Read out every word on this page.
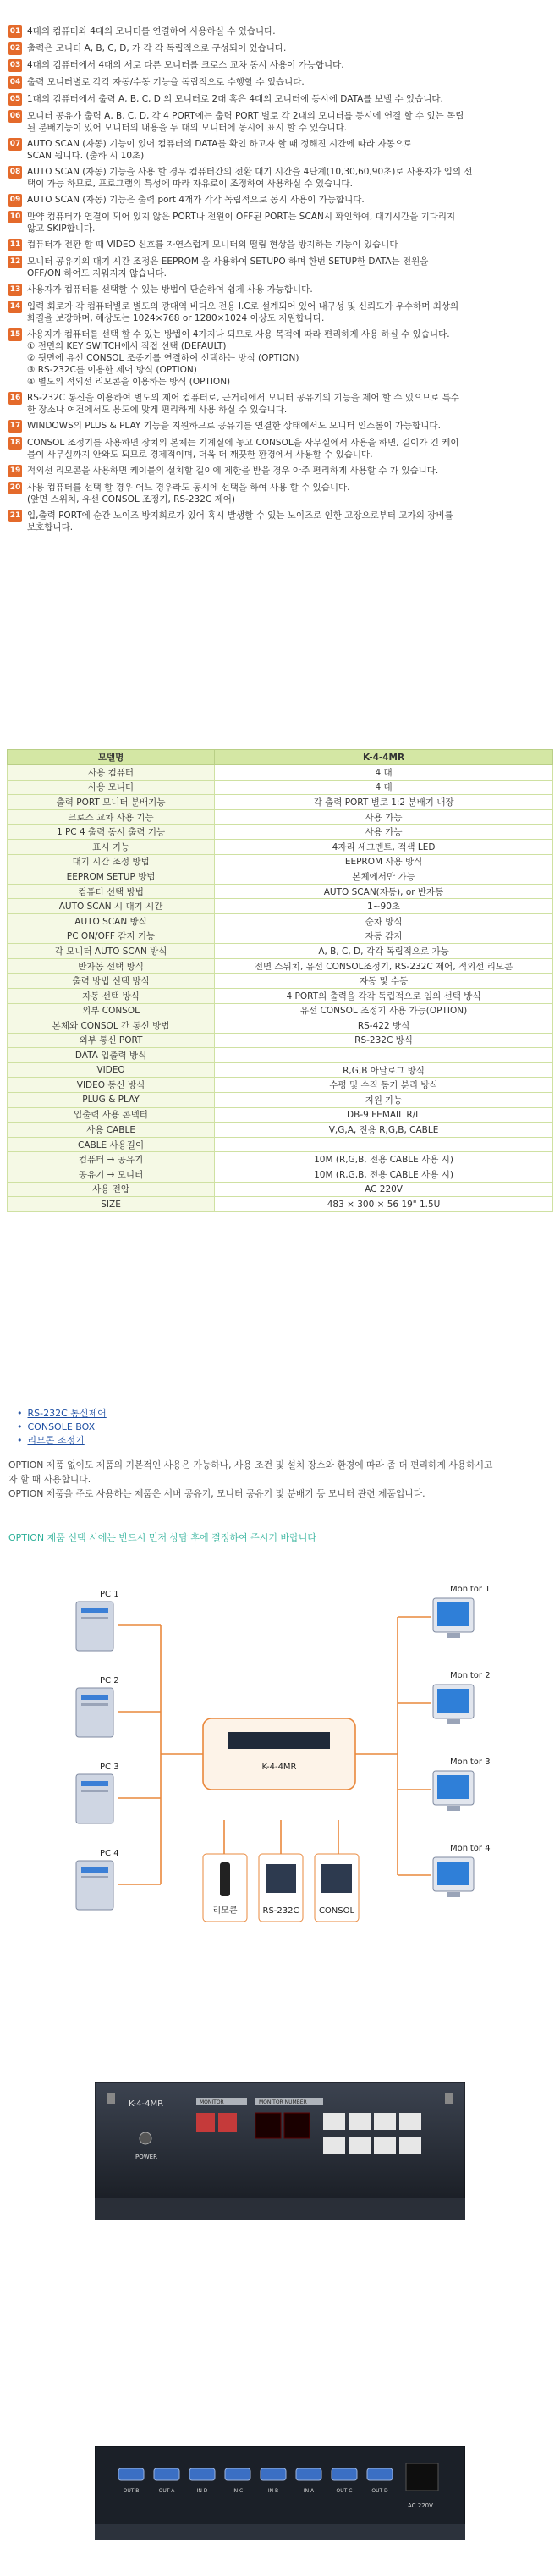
01 4대의 컴퓨터와 4대의 모니터를 연결하여 사용하실 수 있습니다.
02 출력은 모니터 A, B, C, D, 가 각 각 독립적으로 구성되어 있습니다.
03 4대의 컴퓨터에서 4대의 서로 다른 모니터를 크로스 교차 동시 사용이 가능합니다.
04 출력 모니터별로 각각 자동/수동 기능을 독립적으로 수행할 수 있습니다.
05 1대의 컴퓨터에서 출력 A, B, C, D 의 모니터로 2대 혹은 4대의 모니터에 동시에 DATA를 보낼 수 있습니다.
06 모니터 공유가 출력 A, B, C, D, 각 4 PORT에는 출력 PORT 별로 각 2대의 모니터를 동시에 연결 할 수 있는 독립
된 분배기능이 있어 모니터의 내용을 두 대의 모니터에 동시에 표시 할 수 있습니다.
07 AUTO SCAN (자동) 기능이 있어 컴퓨터의 DATA를 확인 하고자 할 때 정해진 시간에 따라 자동으로
SCAN 됩니다. (출하 시 10초)
08 AUTO SCAN (자동) 기능을 사용 할 경우 컴퓨터간의 전환 대기 시간을 4단계(10,30,60,90초)로 사용자가 임의 선
택이 가능 하므로, 프로그램의 특성에 따라 자유로이 조정하여 사용하실 수 있습니다.
09 AUTO SCAN (자동) 기능은 출력 port 4개가 각각 독립적으로 동시 사용이 가능합니다.
10 만약 컴퓨터가 연결이 되어 있지 않은 PORT나 전원이 OFF된 PORT는 SCAN시 확인하여, 대기시간을 기다리지
않고 SKIP합니다.
11 컴퓨터가 전환 할 때 VIDEO 신호를 자연스럽게 모니터의 떨림 현상을 방지하는 기능이 있습니다
12 모니터 공유기의 대기 시간 조정은 EEPROM 을 사용하여 SETUPO 하며 한번 SETUP한 DATA는 전원을
OFF/ON 하여도 지워지지 않습니다.
13 사용자가 컴퓨터를 선택할 수 있는 방법이 단순하여 쉽게 사용 가능합니다.
14 입력 회로가 각 컴퓨터별로 별도의 광대역 비디오 전용 I.C로 설계되어 있어 내구성 및 신뢰도가 우수하며 최상의
화질을 보장하며, 해상도는 1024×768 or 1280×1024 이상도 지원합니다.
15 사용자가 컴퓨터를 선택 할 수 있는 방법이 4가지나 되므로 사용 목적에 따라 편리하게 사용 하실 수 있습니다.
① 전면의 KEY SWITCH에서 직접 선택 (DEFAULT)
② 뒷면에 유선 CONSOL 조종기를 연결하여 선택하는 방식 (OPTION)
③ RS-232C를 이용한 제어 방식 (OPTION)
④ 별도의 적외선 리모콘을 이용하는 방식 (OPTION)
16 RS-232C 통신을 이용하여 별도의 제어 컴퓨터로, 근거리에서 모니터 공유기의 기능을 제어 할 수 있으므로 특수
한 장소나 여건에서도 용도에 맞게 편리하게 사용 하실 수 있습니다.
17 WINDOWS의 PLUS & PLAY 기능을 지원하므로 공유기를 연결한 상태에서도 모니터 인스톨이 가능합니다.
18 CONSOL 조정기를 사용하면 장치의 본체는 기계실에 놓고 CONSOL을 사무실에서 사용을 하면, 길이가 긴 케이
블이 사무실까지 안와도 되므로 경제적이며, 더욱 더 깨끗한 환경에서 사용할 수 있습니다.
19 적외선 리모콘을 사용하면 케이블의 설치할 길이에 제한을 받을 경우 아주 편리하게 사용할 수 가 있습니다.
20 사용 컴퓨터를 선택 할 경우 어느 경우라도 동시에 선택을 하여 사용 할 수 있습니다.
(앞면 스위치, 유선 CONSOL 조정기, RS-232C 제어)
21 입,출력 PORT에 순간 노이즈 방지회로가 있어 혹시 발생할 수 있는 노이즈로 인한 고장으로부터 고가의 장비를
보호합니다.
모델명	K-4-4MR
사용 컴퓨터	4 대
사용 모니터	4 대
출력 PORT 모니터 분배기능	각 출력 PORT 별로 1:2 분배기 내장
크로스 교차 사용 기능	사용 가능
1 PC 4 출력 동시 출력 기능	사용 가능
표시 기능	4자리 세그멘트, 적색 LED
대기 시간 조정 방법	EEPROM 사용 방식
EEPROM SETUP 방법	본체에서만 가능
컴퓨터 선택 방법	AUTO SCAN(자동), or 반자동
AUTO SCAN 시 대기 시간	1~90초
AUTO SCAN 방식	순차 방식
PC ON/OFF 감지 기능	자동 감지
각 모니터 AUTO SCAN 방식	A, B, C, D, 각각 독립적으로 가능
반자동 선택 방식	전면 스위치, 유선 CONSOL조정기, RS-232C 제어, 적외선 리모콘
출력 방법 선택 방식	자동 및 수동
자동 선택 방식	4 PORT의 출력을 각각 독립적으로 임의 선택 방식
외부 CONSOL	유선 CONSOL 조정기 사용 가능(OPTION)
본체와 CONSOL 간 통신 방법	RS-422 방식
외부 통신 PORT	RS-232C 방식
DATA 입출력 방식	
VIDEO	R,G,B 아날로그 방식
VIDEO 동신 방식	수평 및 수직 동기 분리 방식
PLUG & PLAY	지원 가능
입출력 사용 콘넥터	DB-9 FEMAIL R/L
사용 CABLE	V,G,A, 전용 R,G,B, CABLE
CABLE 사용길이	
컴퓨터 → 공유기	10M (R,G,B, 전용 CABLE 사용 시)
공유기 → 모니터	10M (R,G,B, 전용 CABLE 사용 시)
사용 전압	AC 220V
SIZE	483 × 300 × 56 19" 1.5U
• RS-232C 통신제어
• CONSOLE BOX
• 리모콘 조정기
OPTION 제품 없이도 제품의 기본적인 사용은 가능하나, 사용 조건 및 설치 장소와 환경에 따라 좀 더 편리하게 사용하시고
자 할 때 사용합니다.
OPTION 제품을 주로 사용하는 제품은 서버 공유기, 모니터 공유기 및 분배기 등 모니터 관련 제품입니다.
OPTION 제품 선택 시에는 반드시 먼저 상담 후에 결정하여 주시기 바랍니다
PC 1
PC 2
PC 3
PC 4
K-4-4MR
리모콘	RS-232C CONSOL
Monitor 1
Monitor 2
Monitor 3
Monitor 4
K-4-4MR
POWER
MONITOR	MONITOR NUMBER
OUT B	OUT A	IN D	IN C	IN B	IN A	OUT C	OUT D
AC 220V
